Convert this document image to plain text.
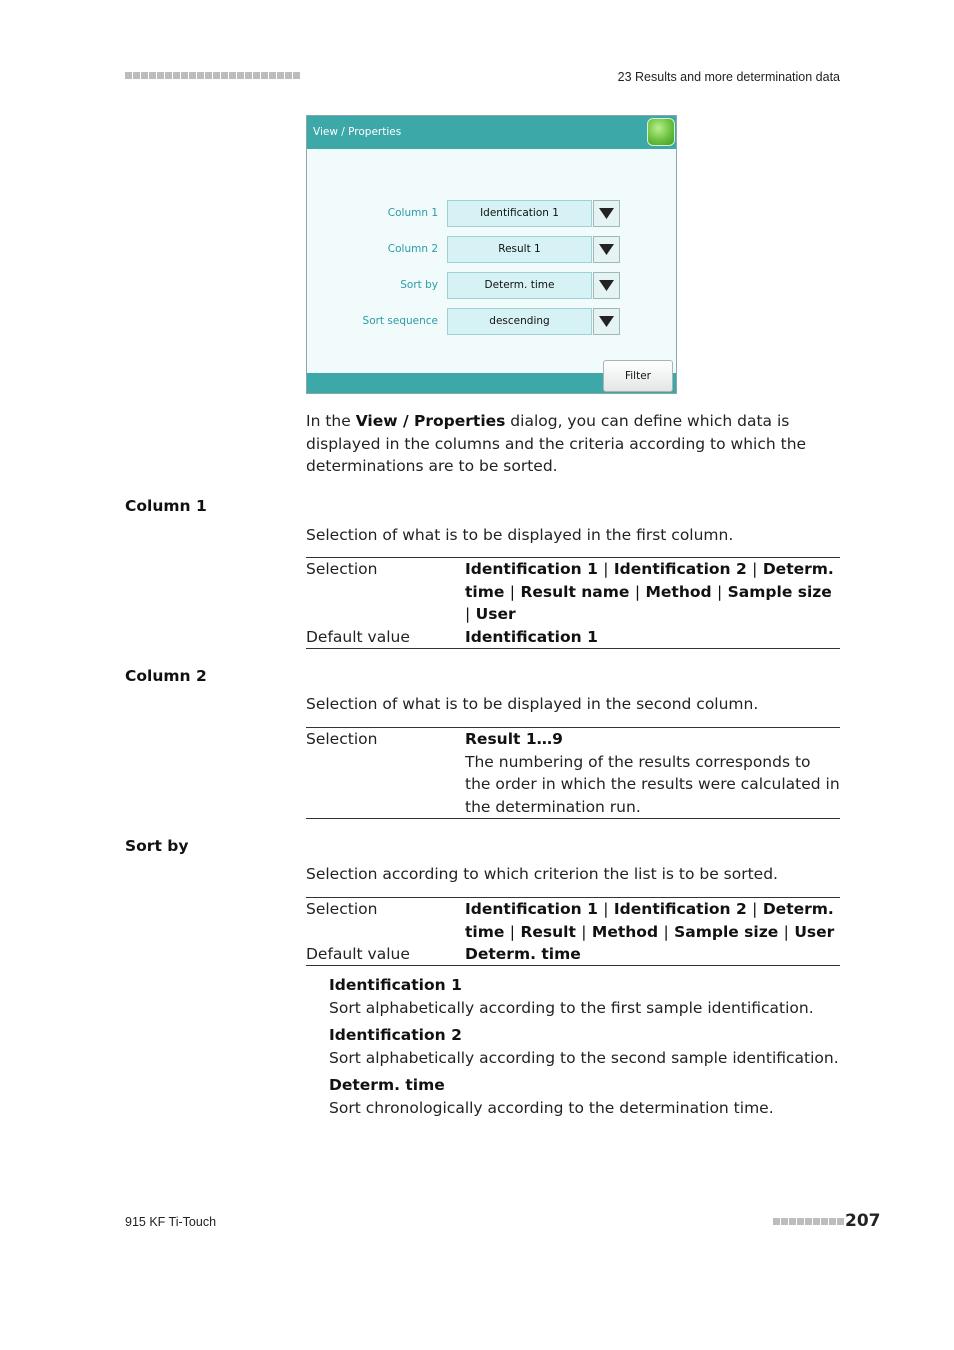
23 Results and more determination data
View / Properties
Column 1	Identification 1
Column 2	Result 1
Sort by	Determ. time
Sort sequence	descending
Filter
In the View / Properties dialog, you can define which data is displayed in the columns and the criteria according to which the determinations are to be sorted.
Column 1
Selection of what is to be displayed in the first column.
Selection	Identification 1 | Identification 2 | Determ. time | Result name | Method | Sample size | User
Default value	Identification 1
Column 2
Selection of what is to be displayed in the second column.
Selection	Result 1…9
The numbering of the results corresponds to the order in which the results were calculated in the determination run.
Sort by
Selection according to which criterion the list is to be sorted.
Selection	Identification 1 | Identification 2 | Determ. time | Result | Method | Sample size | User
Default value	Determ. time
Identification 1
Sort alphabetically according to the first sample identification.
Identification 2
Sort alphabetically according to the second sample identification.
Determ. time
Sort chronologically according to the determination time.
915 KF Ti-Touch	207
